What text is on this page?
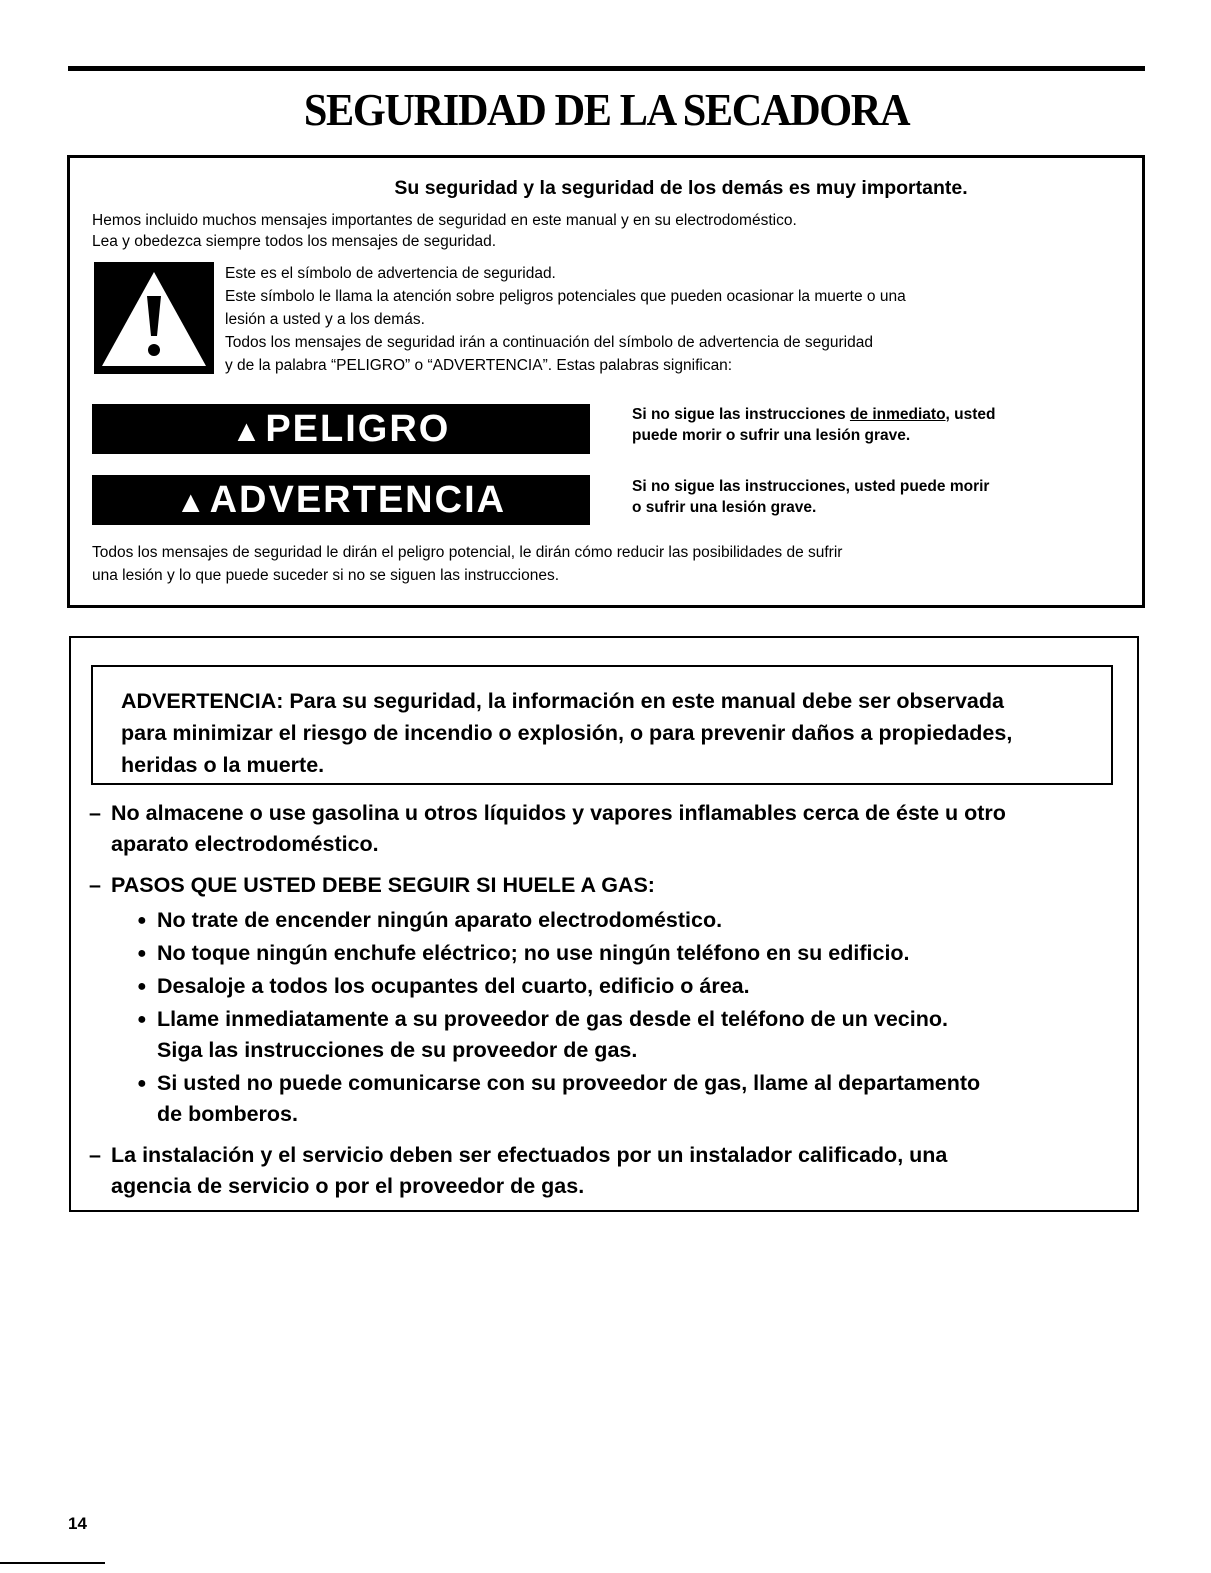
SEGURIDAD DE LA SECADORA
Su seguridad y la seguridad de los demás es muy importante.
Hemos incluido muchos mensajes importantes de seguridad en este manual y en su electrodoméstico.
Lea y obedezca siempre todos los mensajes de seguridad.
Este es el símbolo de advertencia de seguridad.
Este símbolo le llama la atención sobre peligros potenciales que pueden ocasionar la muerte o una
lesión a usted y a los demás.
Todos los mensajes de seguridad irán a continuación del símbolo de advertencia de seguridad
y de la palabra “PELIGRO” o “ADVERTENCIA”. Estas palabras significan:
▲ PELIGRO	Si no sigue las instrucciones de inmediato, usted
puede morir o sufrir una lesión grave.
▲ ADVERTENCIA	Si no sigue las instrucciones, usted puede morir
o sufrir una lesión grave.
Todos los mensajes de seguridad le dirán el peligro potencial, le dirán cómo reducir las posibilidades de sufrir
una lesión y lo que puede suceder si no se siguen las instrucciones.
ADVERTENCIA: Para su seguridad, la información en este manual debe ser observada
para minimizar el riesgo de incendio o explosión, o para prevenir daños a propiedades,
heridas o la muerte.
– No almacene o use gasolina u otros líquidos y vapores inflamables cerca de éste u otro
aparato electrodoméstico.
– PASOS QUE USTED DEBE SEGUIR SI HUELE A GAS:
● No trate de encender ningún aparato electrodoméstico.
● No toque ningún enchufe eléctrico; no use ningún teléfono en su edificio.
● Desaloje a todos los ocupantes del cuarto, edificio o área.
● Llame inmediatamente a su proveedor de gas desde el teléfono de un vecino.
Siga las instrucciones de su proveedor de gas.
● Si usted no puede comunicarse con su proveedor de gas, llame al departamento
de bomberos.
– La instalación y el servicio deben ser efectuados por un instalador calificado, una
agencia de servicio o por el proveedor de gas.
14
